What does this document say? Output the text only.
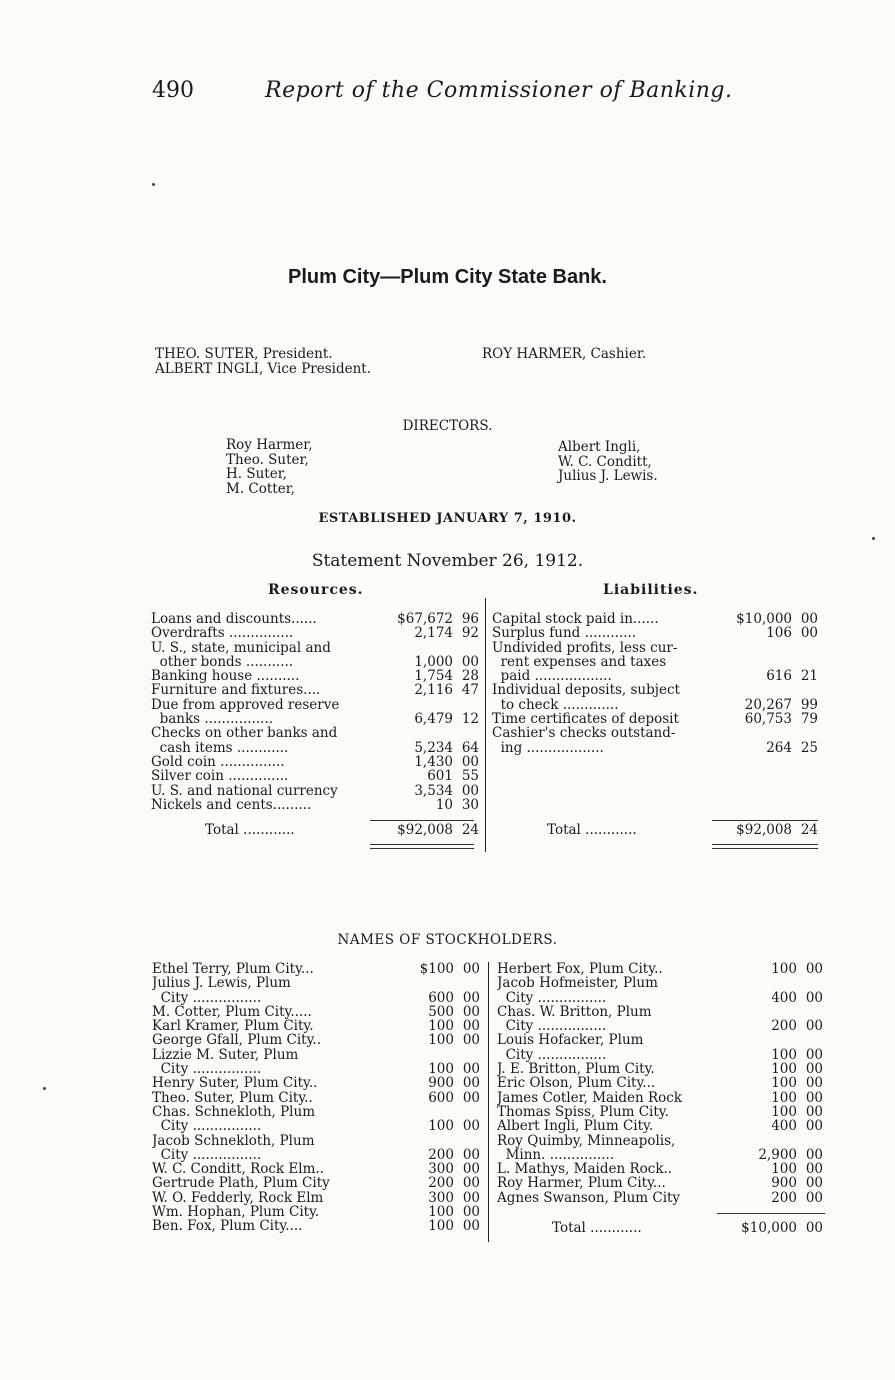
490	Report of the Commissioner of Banking.
Plum City—Plum City State Bank.
THEO. SUTER, President.
ALBERT INGLI, Vice President.
ROY HARMER, Cashier.
DIRECTORS.
Roy Harmer,
Theo. Suter,
H. Suter,
M. Cotter,
Albert Ingli,
W. C. Conditt,
Julius J. Lewis.
ESTABLISHED JANUARY 7, 1910.
Statement November 26, 1912.
Resources.	Liabilities.
Loans and discounts......	$67,672	96
Overdrafts ...............	2,174	92
U. S., state, municipal and		
other bonds ...........	1,000	00
Banking house ..........	1,754	28
Furniture and fixtures....	2,116	47
Due from approved reserve		
banks ................	6,479	12
Checks on other banks and		
cash items ............	5,234	64
Gold coin ...............	1,430	00
Silver coin ..............	601	55
U. S. and national currency	3,534	00
Nickels and cents.........	10	30
Total ............	$92,008	24
Capital stock paid in......	$10,000	00
Surplus fund ............	106	00
Undivided profits, less cur-		
rent expenses and taxes		
paid ..................	616	21
Individual deposits, subject		
to check .............	20,267	99
Time certificates of deposit	60,753	79
Cashier's checks outstand-		
ing ..................	264	25
Total ............	$92,008	24
NAMES OF STOCKHOLDERS.
Ethel Terry, Plum City...	$100	00
Julius J. Lewis, Plum		
City ................	600	00
M. Cotter, Plum City.....	500	00
Karl Kramer, Plum City.	100	00
George Gfall, Plum City..	100	00
Lizzie M. Suter, Plum		
City ................	100	00
Henry Suter, Plum City..	900	00
Theo. Suter, Plum City..	600	00
Chas. Schnekloth, Plum		
City ................	100	00
Jacob Schnekloth, Plum		
City ................	200	00
W. C. Conditt, Rock Elm..	300	00
Gertrude Plath, Plum City	200	00
W. O. Fedderly, Rock Elm	300	00
Wm. Hophan, Plum City.	100	00
Ben. Fox, Plum City....	100	00
Herbert Fox, Plum City..	100	00
Jacob Hofmeister, Plum		
City ................	400	00
Chas. W. Britton, Plum		
City ................	200	00
Louis Hofacker, Plum		
City ................	100	00
J. E. Britton, Plum City.	100	00
Eric Olson, Plum City...	100	00
James Cotler, Maiden Rock	100	00
Thomas Spiss, Plum City.	100	00
Albert Ingli, Plum City.	400	00
Roy Quimby, Minneapolis,		
Minn. ...............	2,900	00
L. Mathys, Maiden Rock..	100	00
Roy Harmer, Plum City...	900	00
Agnes Swanson, Plum City	200	00
Total ............	$10,000	00
